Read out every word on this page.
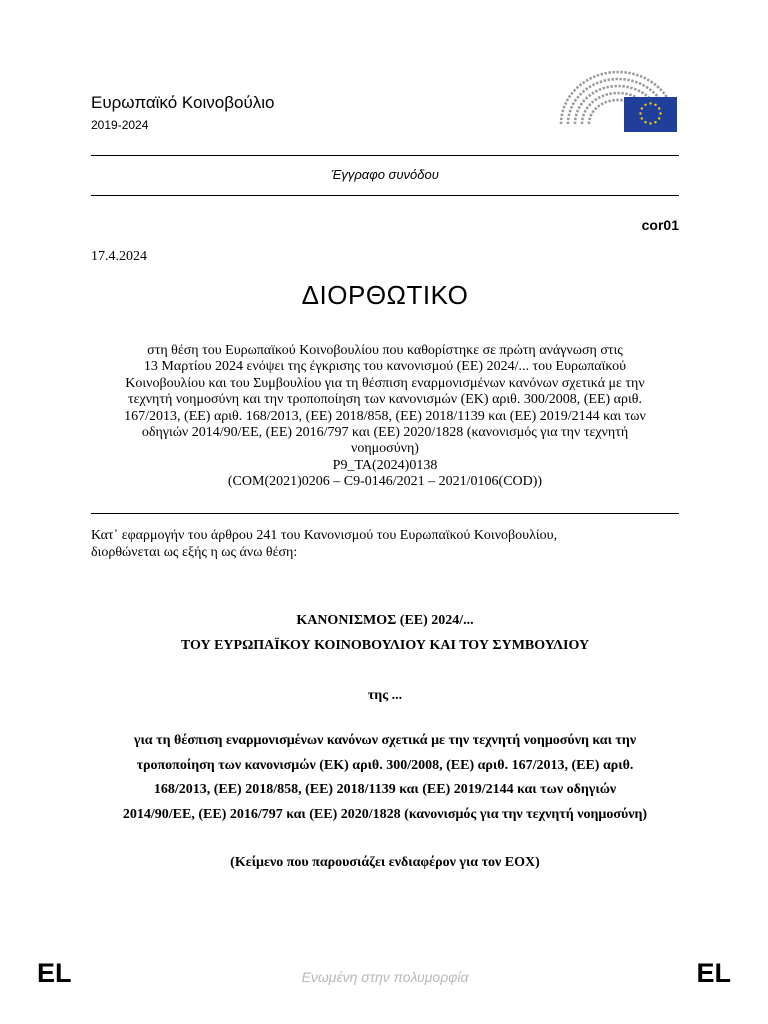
Ευρωπαϊκό Κοινοβούλιο
2019-2024
Έγγραφο συνόδου
cor01
17.4.2024
ΔΙΟΡΘΩΤΙΚΟ
στη θέση του Ευρωπαϊκού Κοινοβουλίου που καθορίστηκε σε πρώτη ανάγνωση στις
13 Μαρτίου 2024 ενόψει της έγκρισης του κανονισμού (ΕΕ) 2024/... του Ευρωπαϊκού
Κοινοβουλίου και του Συμβουλίου για τη θέσπιση εναρμονισμένων κανόνων σχετικά με την
τεχνητή νοημοσύνη και την τροποποίηση των κανονισμών (ΕΚ) αριθ. 300/2008, (ΕΕ) αριθ.
167/2013, (ΕΕ) αριθ. 168/2013, (ΕΕ) 2018/858, (ΕΕ) 2018/1139 και (ΕΕ) 2019/2144 και των
οδηγιών 2014/90/ΕΕ, (ΕΕ) 2016/797 και (ΕΕ) 2020/1828 (κανονισμός για την τεχνητή
νοημοσύνη)
P9_TA(2024)0138
(COM(2021)0206 – C9-0146/2021 – 2021/0106(COD))
Κατ᾽ εφαρμογήν του άρθρου 241 του Κανονισμού του Ευρωπαϊκού Κοινοβουλίου,
διορθώνεται ως εξής η ως άνω θέση:
ΚΑΝΟΝΙΣΜΟΣ (ΕΕ) 2024/...
ΤΟΥ ΕΥΡΩΠΑΪΚΟΥ ΚΟΙΝΟΒΟΥΛΙΟΥ ΚΑΙ ΤΟΥ ΣΥΜΒΟΥΛΙΟΥ
της ...
για τη θέσπιση εναρμονισμένων κανόνων σχετικά με την τεχνητή νοημοσύνη και την
τροποποίηση των κανονισμών (ΕΚ) αριθ. 300/2008, (ΕΕ) αριθ. 167/2013, (ΕΕ) αριθ.
168/2013, (ΕΕ) 2018/858, (ΕΕ) 2018/1139 και (ΕΕ) 2019/2144 και των οδηγιών
2014/90/ΕΕ, (ΕΕ) 2016/797 και (ΕΕ) 2020/1828 (κανονισμός για την τεχνητή νοημοσύνη)
(Κείμενο που παρουσιάζει ενδιαφέρον για τον ΕΟΧ)
EL	Ενωμένη στην πολυμορφία	EL
